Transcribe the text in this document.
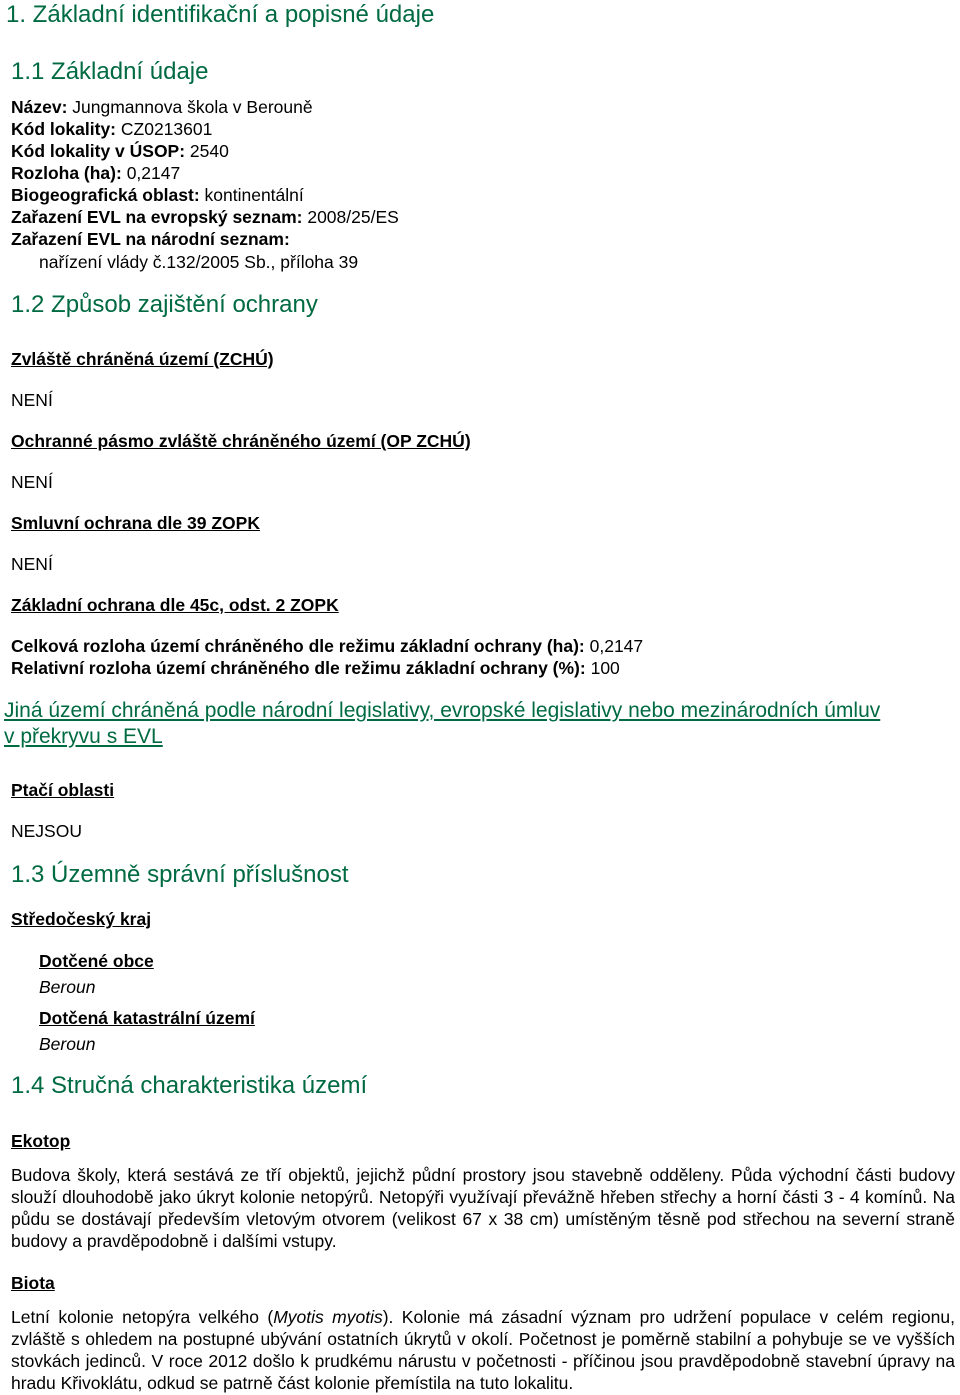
1. Základní identifikační a popisné údaje
1.1 Základní údaje
Název: Jungmannova škola v Berouně
Kód lokality: CZ0213601
Kód lokality v ÚSOP: 2540
Rozloha (ha): 0,2147
Biogeografická oblast: kontinentální
Zařazení EVL na evropský seznam: 2008/25/ES
Zařazení EVL na národní seznam:
nařízení vlády č.132/2005 Sb., příloha 39
1.2 Způsob zajištění ochrany
Zvláště chráněná území (ZCHÚ)
NENÍ
Ochranné pásmo zvláště chráněného území (OP ZCHÚ)
NENÍ
Smluvní ochrana dle 39 ZOPK
NENÍ
Základní ochrana dle 45c, odst. 2 ZOPK
Celková rozloha území chráněného dle režimu základní ochrany (ha): 0,2147
Relativní rozloha území chráněného dle režimu základní ochrany (%): 100
Jiná území chráněná podle národní legislativy, evropské legislativy nebo mezinárodních úmluv
v překryvu s EVL
Ptačí oblasti
NEJSOU
1.3 Územně správní příslušnost
Středočeský kraj
Dotčené obce
Beroun
Dotčená katastrální území
Beroun
1.4 Stručná charakteristika území
Ekotop
Budova školy, která sestává ze tří objektů, jejichž půdní prostory jsou stavebně odděleny. Půda východní části budovy slouží dlouhodobě jako úkryt kolonie netopýrů. Netopýři využívají převážně hřeben střechy a horní části 3 - 4 komínů. Na půdu se dostávají především vletovým otvorem (velikost 67 x 38 cm) umístěným těsně pod střechou na severní straně budovy a pravděpodobně i dalšími vstupy.
Biota
Letní kolonie netopýra velkého (Myotis myotis). Kolonie má zásadní význam pro udržení populace v celém regionu, zvláště s ohledem na postupné ubývání ostatních úkrytů v okolí. Početnost je poměrně stabilní a pohybuje se ve vyšších stovkách jedinců. V roce 2012 došlo k prudkému nárustu v početnosti - příčinou jsou pravděpodobně stavební úpravy na hradu Křivoklátu, odkud se patrně část kolonie přemístila na tuto lokalitu.
